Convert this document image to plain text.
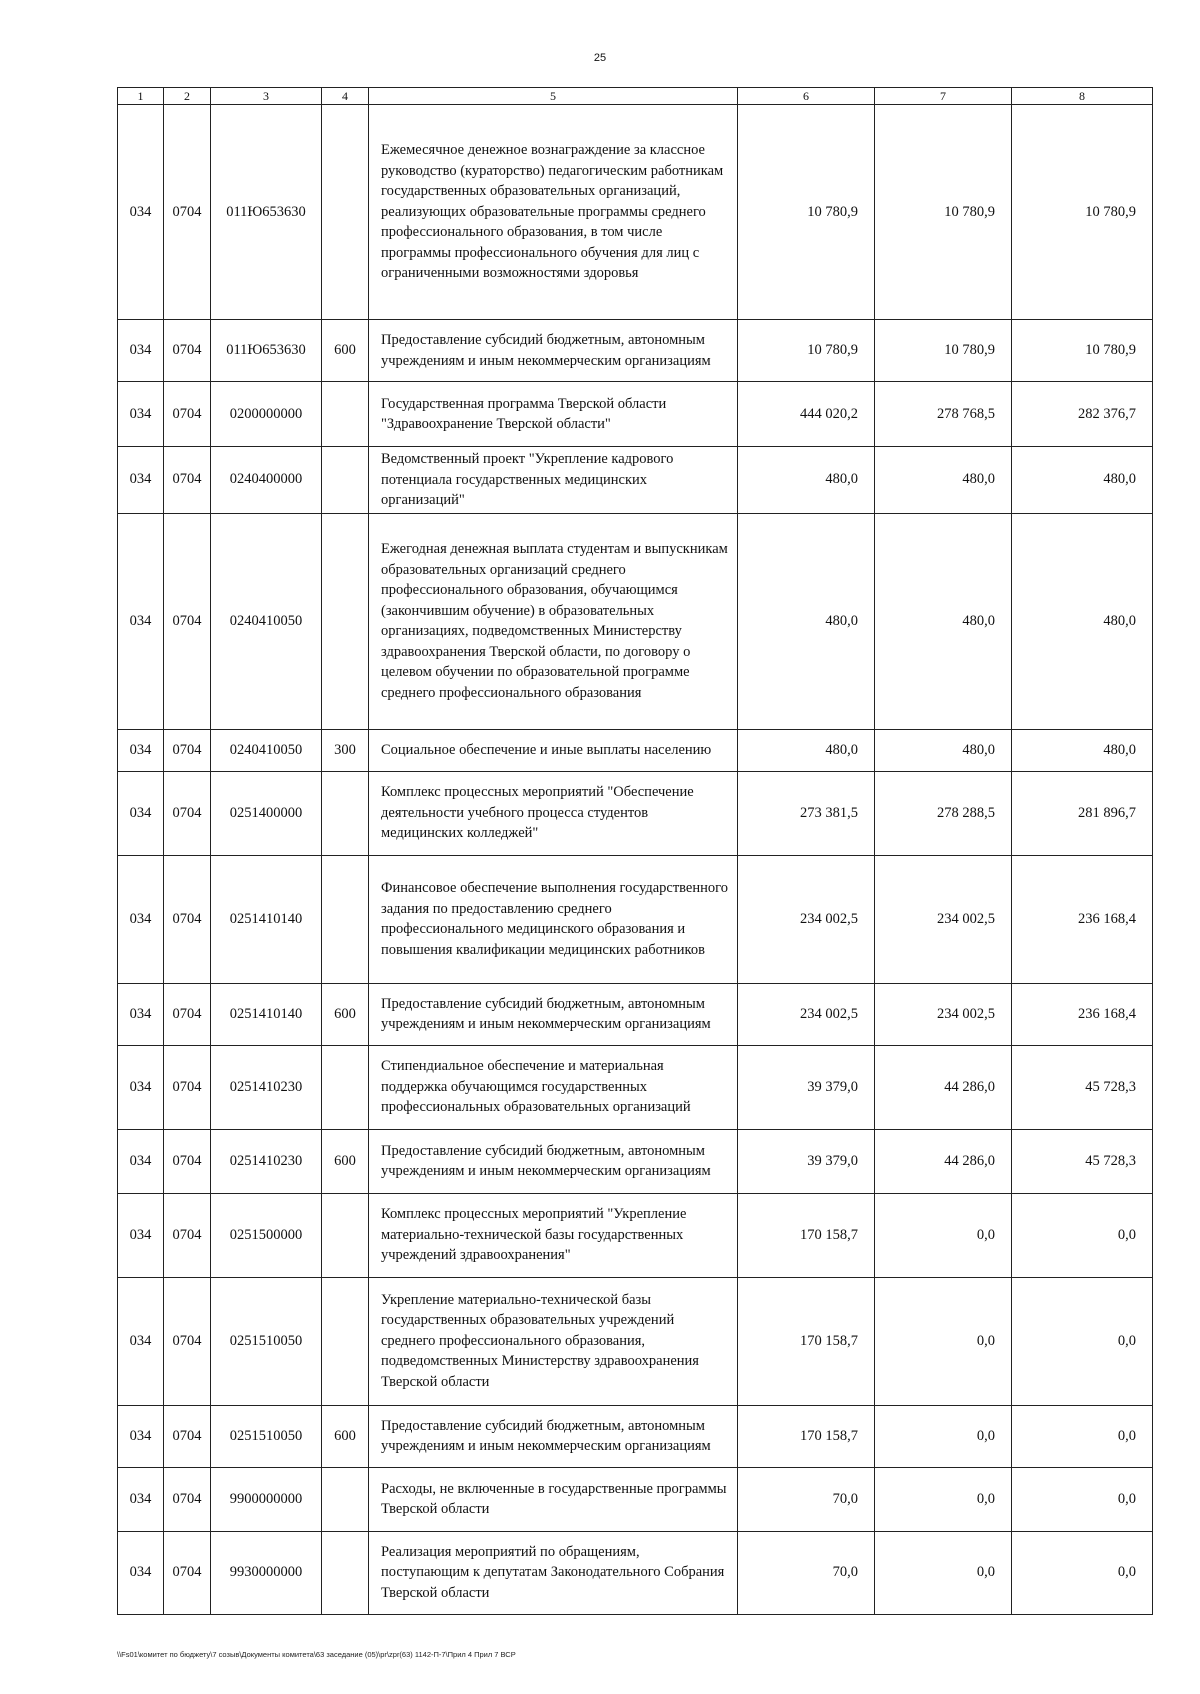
25
1	2	3	4	5	6	7	8
034	0704	011Ю653630		Ежемесячное денежное вознаграждение за классное руководство (кураторство) педагогическим работникам государственных образовательных организаций, реализующих образовательные программы среднего профессионального образования, в том числе программы профессионального обучения для лиц с ограниченными возможностями здоровья	10 780,9	10 780,9	10 780,9
034	0704	011Ю653630	600	Предоставление субсидий бюджетным, автономным учреждениям и иным некоммерческим организациям	10 780,9	10 780,9	10 780,9
034	0704	0200000000		Государственная программа Тверской области "Здравоохранение Тверской области"	444 020,2	278 768,5	282 376,7
034	0704	0240400000		Ведомственный проект "Укрепление кадрового потенциала государственных медицинских организаций"	480,0	480,0	480,0
034	0704	0240410050		Ежегодная денежная выплата студентам и выпускникам образовательных организаций среднего профессионального образования, обучающимся (закончившим обучение) в образовательных организациях, подведомственных Министерству здравоохранения Тверской области, по договору о целевом обучении по образовательной программе среднего профессионального образования	480,0	480,0	480,0
034	0704	0240410050	300	Социальное обеспечение и иные выплаты населению	480,0	480,0	480,0
034	0704	0251400000		Комплекс процессных мероприятий "Обеспечение деятельности учебного процесса студентов медицинских колледжей"	273 381,5	278 288,5	281 896,7
034	0704	0251410140		Финансовое обеспечение выполнения государственного задания по предоставлению среднего профессионального медицинского образования и повышения квалификации медицинских работников	234 002,5	234 002,5	236 168,4
034	0704	0251410140	600	Предоставление субсидий бюджетным, автономным учреждениям и иным некоммерческим организациям	234 002,5	234 002,5	236 168,4
034	0704	0251410230		Стипендиальное обеспечение и материальная поддержка обучающимся государственных профессиональных образовательных организаций	39 379,0	44 286,0	45 728,3
034	0704	0251410230	600	Предоставление субсидий бюджетным, автономным учреждениям и иным некоммерческим организациям	39 379,0	44 286,0	45 728,3
034	0704	0251500000		Комплекс процессных мероприятий "Укрепление материально-технической базы государственных учреждений здравоохранения"	170 158,7	0,0	0,0
034	0704	0251510050		Укрепление материально-технической базы государственных образовательных учреждений среднего профессионального образования, подведомственных Министерству здравоохранения Тверской области	170 158,7	0,0	0,0
034	0704	0251510050	600	Предоставление субсидий бюджетным, автономным учреждениям и иным некоммерческим организациям	170 158,7	0,0	0,0
034	0704	9900000000		Расходы, не включенные в государственные программы Тверской области	70,0	0,0	0,0
034	0704	9930000000		Реализация мероприятий по обращениям, поступающим к депутатам Законодательного Собрания Тверской области	70,0	0,0	0,0
\\Fs01\комитет по бюджету\7 созыв\Документы комитета\63 заседание (05)\pr\zpr(63) 1142-П-7\Прил 4 Прил 7 ВСР
